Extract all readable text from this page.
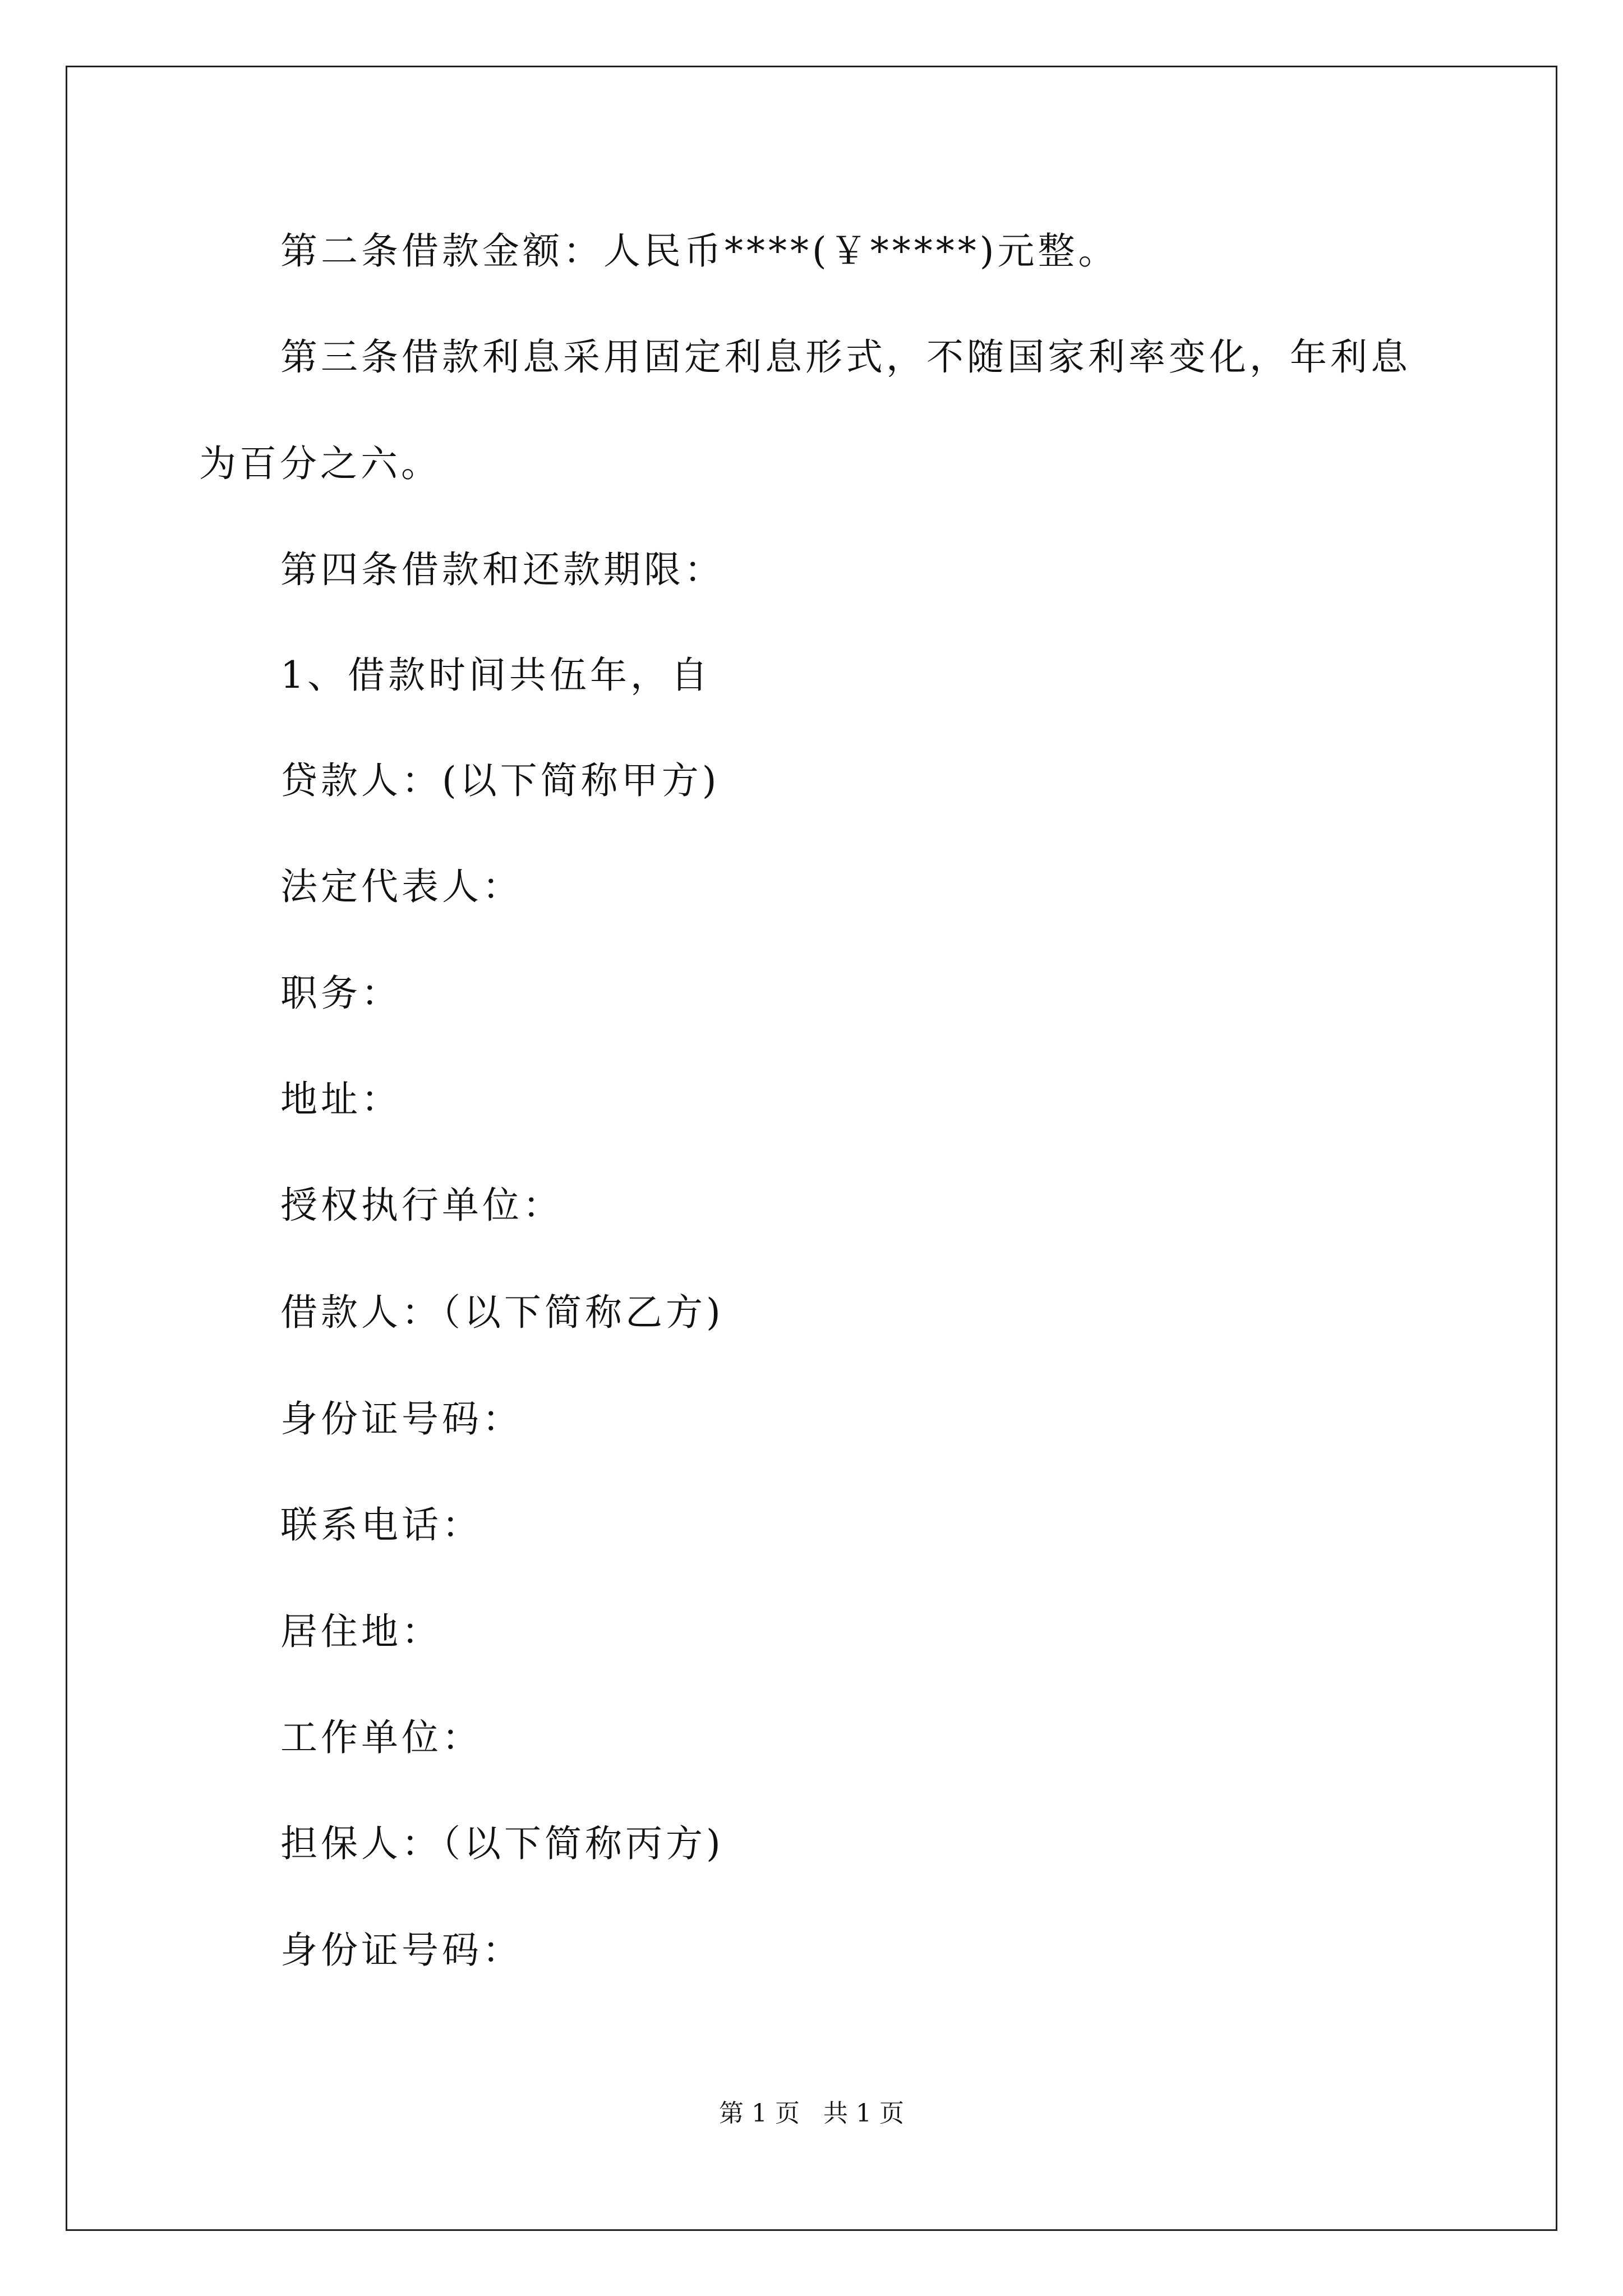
第二条借款金额：人民币****(￥*****)元整。
第三条借款利息采用固定利息形式，不随国家利率变化，年利息
为百分之六。
第四条借款和还款期限：
1、借款时间共伍年，自
贷款人：(以下简称甲方)
法定代表人：
职务：
地址：
授权执行单位：
借款人：（以下简称乙方)
身份证号码：
联系电话：
居住地：
工作单位：
担保人：（以下简称丙方)
身份证号码：
第 1 页   共 1 页
